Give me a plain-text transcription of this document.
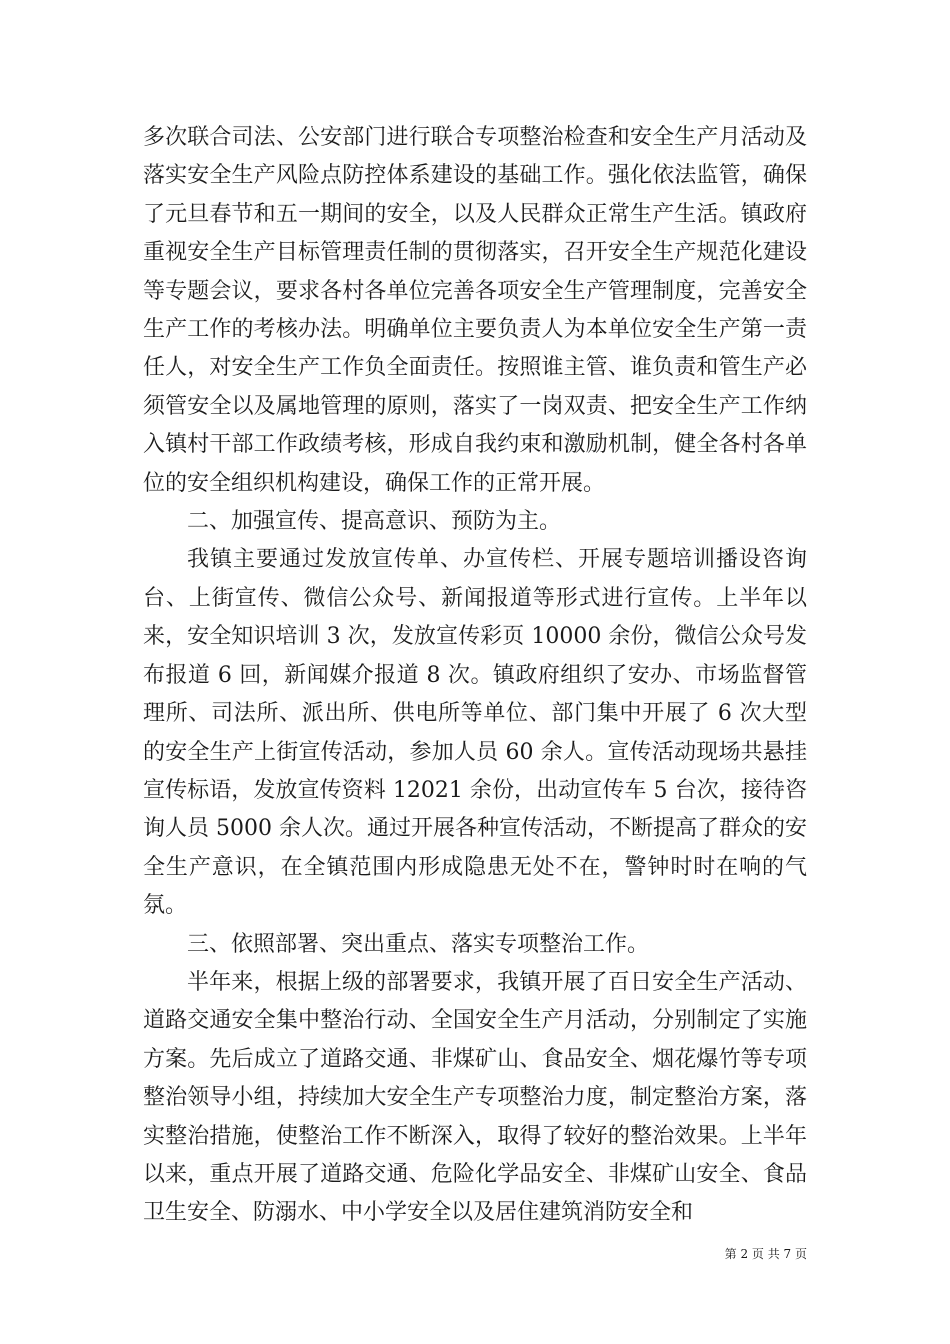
多次联合司法、公安部门进行联合专项整治检查和安全生产月活动及落实安全生产风险点防控体系建设的基础工作。强化依法监管，确保了元旦春节和五一期间的安全，以及人民群众正常生产生活。镇政府重视安全生产目标管理责任制的贯彻落实，召开安全生产规范化建设等专题会议，要求各村各单位完善各项安全生产管理制度，完善安全生产工作的考核办法。明确单位主要负责人为本单位安全生产第一责任人，对安全生产工作负全面责任。按照谁主管、谁负责和管生产必须管安全以及属地管理的原则，落实了一岗双责、把安全生产工作纳入镇村干部工作政绩考核，形成自我约束和激励机制，健全各村各单位的安全组织机构建设，确保工作的正常开展。

二、加强宣传、提高意识、预防为主。

我镇主要通过发放宣传单、办宣传栏、开展专题培训播设咨询台、上街宣传、微信公众号、新闻报道等形式进行宣传。上半年以来，安全知识培训 3 次，发放宣传彩页 10000 余份，微信公众号发布报道 6 回，新闻媒介报道 8 次。镇政府组织了安办、市场监督管理所、司法所、派出所、供电所等单位、部门集中开展了 6 次大型的安全生产上街宣传活动，参加人员 60 余人。宣传活动现场共悬挂宣传标语，发放宣传资料 12021 余份，出动宣传车 5 台次，接待咨询人员 5000 余人次。通过开展各种宣传活动，不断提高了群众的安全生产意识，在全镇范围内形成隐患无处不在，警钟时时在响的气氛。

三、依照部署、突出重点、落实专项整治工作。

半年来，根据上级的部署要求，我镇开展了百日安全生产活动、道路交通安全集中整治行动、全国安全生产月活动，分别制定了实施方案。先后成立了道路交通、非煤矿山、食品安全、烟花爆竹等专项整治领导小组，持续加大安全生产专项整治力度，制定整治方案，落实整治措施，使整治工作不断深入，取得了较好的整治效果。上半年以来，重点开展了道路交通、危险化学品安全、非煤矿山安全、食品卫生安全、防溺水、中小学安全以及居住建筑消防安全和

第 2 页 共 7 页
